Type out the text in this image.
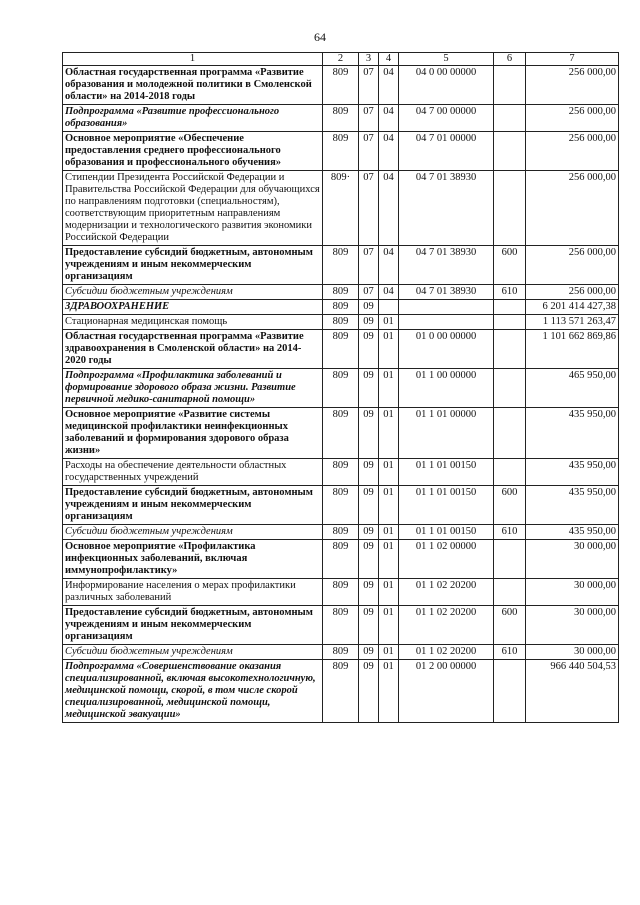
64
1	2	3	4	5	6	7
Областная государственная программа «Развитие образования и молодежной политики в Смоленской области» на 2014-2018 годы	809	07	04	04 0 00 00000		256 000,00
Подпрограмма «Развитие профессионального образования»	809	07	04	04 7 00 00000		256 000,00
Основное мероприятие «Обеспечение предоставления среднего профессионального образования и профессионального обучения»	809	07	04	04 7 01 00000		256 000,00
Стипендии Президента Российской Федерации и Правительства Российской Федерации для обучающихся по направлениям подготовки (специальностям), соответствующим приоритетным направлениям модернизации и технологического развития экономики Российской Федерации	809·	07	04	04 7 01 38930		256 000,00
Предоставление субсидий бюджетным, автономным учреждениям и иным некоммерческим организациям	809	07	04	04 7 01 38930	600	256 000,00
Субсидии бюджетным учреждениям	809	07	04	04 7 01 38930	610	256 000,00
ЗДРАВООХРАНЕНИЕ	809	09				6 201 414 427,38
Стационарная медицинская помощь	809	09	01			1 113 571 263,47
Областная государственная программа «Развитие здравоохранения в Смоленской области» на 2014-2020 годы	809	09	01	01 0 00 00000		1 101 662 869,86
Подпрограмма «Профилактика заболеваний и формирование здорового образа жизни. Развитие первичной медико-санитарной помощи»	809	09	01	01 1 00 00000		465 950,00
Основное мероприятие «Развитие системы медицинской профилактики неинфекционных заболеваний и формирования здорового образа жизни»	809	09	01	01 1 01 00000		435 950,00
Расходы на обеспечение деятельности областных государственных учреждений	809	09	01	01 1 01 00150		435 950,00
Предоставление субсидий бюджетным, автономным учреждениям и иным некоммерческим организациям	809	09	01	01 1 01 00150	600	435 950,00
Субсидии бюджетным учреждениям	809	09	01	01 1 01 00150	610	435 950,00
Основное мероприятие «Профилактика инфекционных заболеваний, включая иммунопрофилактику»	809	09	01	01 1 02 00000		30 000,00
Информирование населения о мерах профилактики различных заболеваний	809	09	01	01 1 02 20200		30 000,00
Предоставление субсидий бюджетным, автономным учреждениям и иным некоммерческим организациям	809	09	01	01 1 02 20200	600	30 000,00
Субсидии бюджетным учреждениям	809	09	01	01 1 02 20200	610	30 000,00
Подпрограмма «Совершенствование оказания специализированной, включая высокотехнологичную, медицинской помощи, скорой, в том числе скорой специализированной, медицинской помощи, медицинской эвакуации»	809	09	01	01 2 00 00000		966 440 504,53
